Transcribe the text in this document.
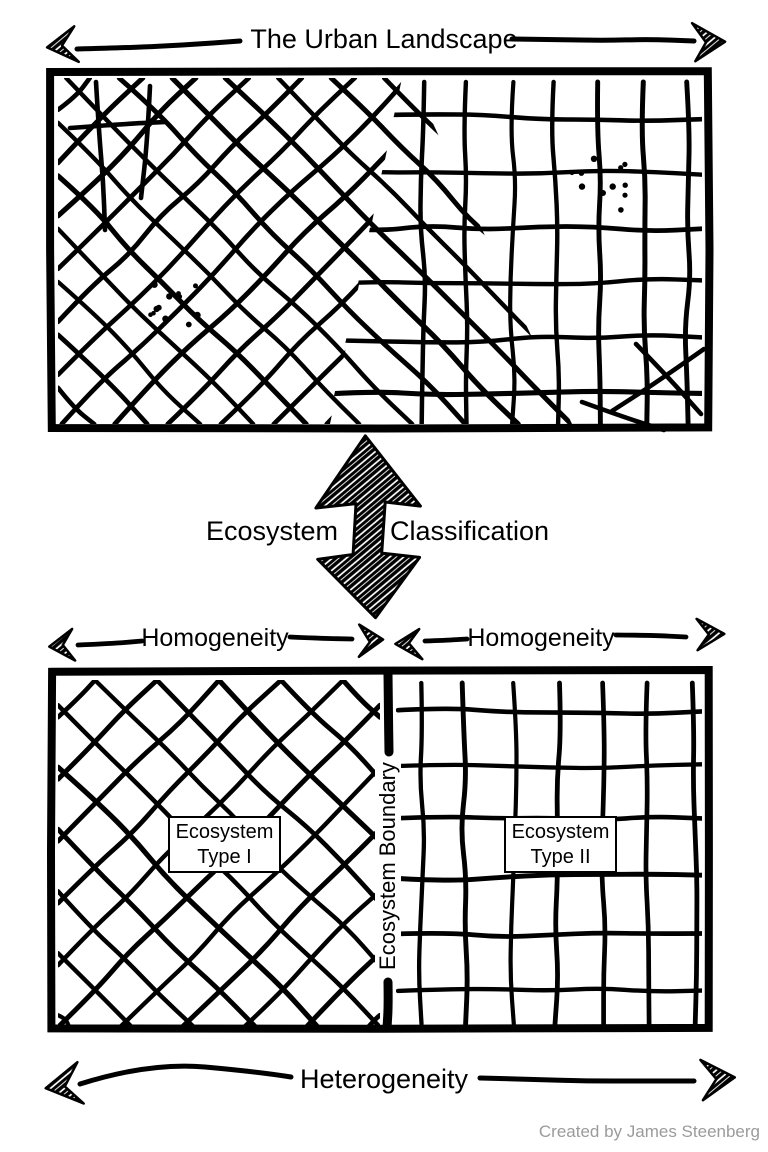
The Urban Landscape
Ecosystem Classification
Homogeneity	Homogeneity
Ecosystem Boundary
Ecosystem
Type I
Ecosystem
Type II
Heterogeneity
Created by James Steenberg
